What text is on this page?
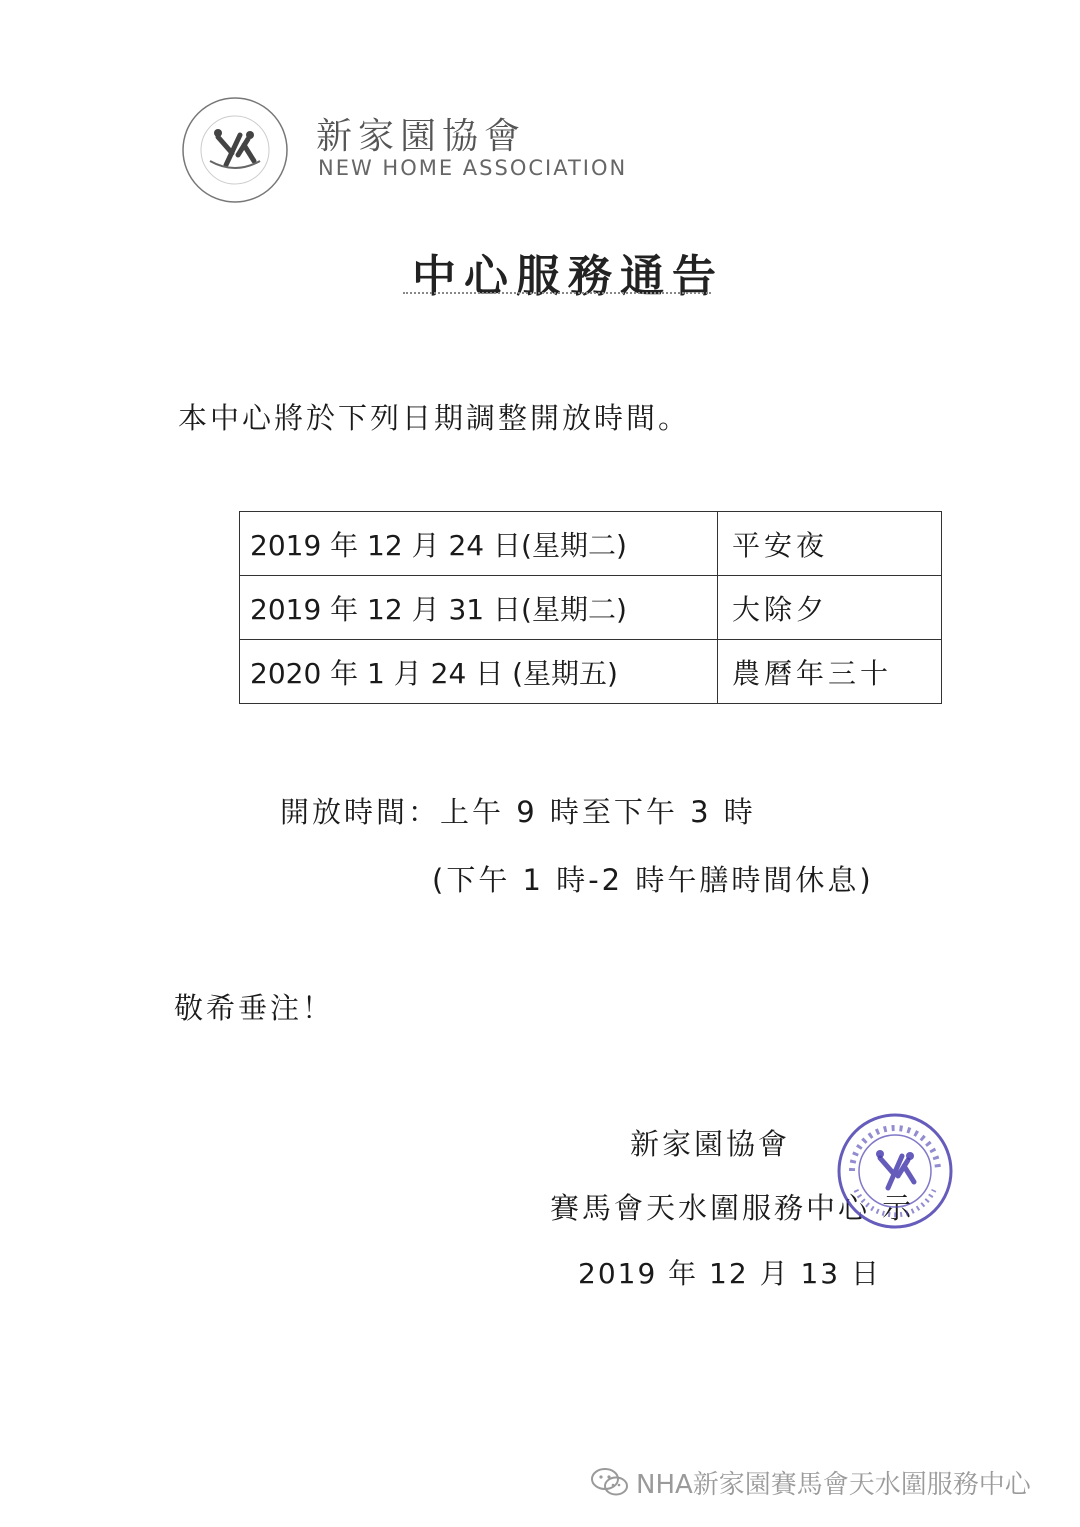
新家園協會
NEW HOME ASSOCIATION
中心服務通告
本中心將於下列日期調整開放時間。
2019 年 12 月 24 日(星期二)	平安夜
2019 年 12 月 31 日(星期二)	大除夕
2020 年 1 月 24 日 (星期五)	農曆年三十
開放時間：上午 9 時至下午 3 時
(下午 1 時-2 時午膳時間休息)
敬希垂注！
新家園協會
賽馬會天水圍服務中心 示
2019 年 12 月 13 日
NHA新家園賽馬會天水圍服務中心
